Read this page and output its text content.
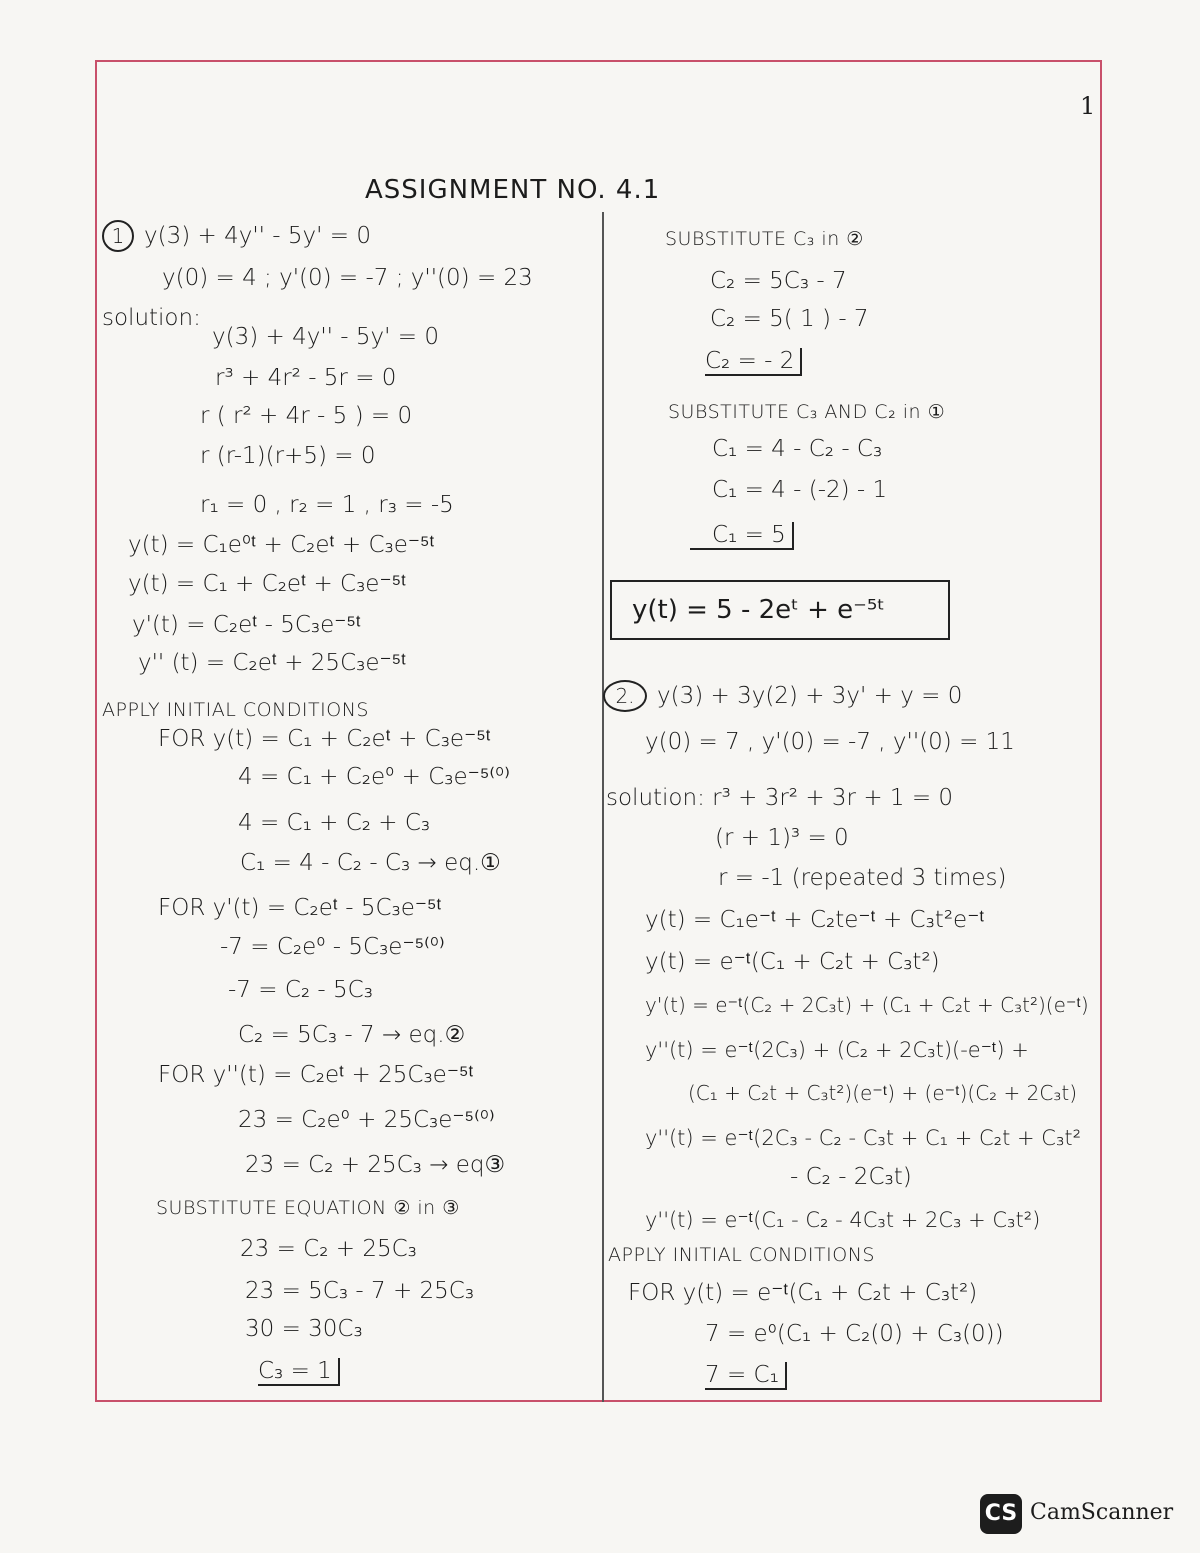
1
ASSIGNMENT NO. 4.1
1 y(3) + 4y'' - 5y' = 0
y(0) = 4 ; y'(0) = -7 ; y''(0) = 23
solution:
y(3) + 4y'' - 5y' = 0
r³ + 4r² - 5r = 0
r ( r² + 4r - 5 ) = 0
r (r-1)(r+5) = 0
r₁ = 0 , r₂ = 1 , r₃ = -5
y(t) = C₁e⁰ᵗ + C₂eᵗ + C₃e⁻⁵ᵗ
y(t) = C₁ + C₂eᵗ + C₃e⁻⁵ᵗ
y'(t) = C₂eᵗ - 5C₃e⁻⁵ᵗ
y'' (t) = C₂eᵗ + 25C₃e⁻⁵ᵗ
APPLY INITIAL CONDITIONS
FOR y(t) = C₁ + C₂eᵗ + C₃e⁻⁵ᵗ
4 = C₁ + C₂e⁰ + C₃e⁻⁵⁽⁰⁾
4 = C₁ + C₂ + C₃
C₁ = 4 - C₂ - C₃ → eq.①
FOR y'(t) = C₂eᵗ - 5C₃e⁻⁵ᵗ
-7 = C₂e⁰ - 5C₃e⁻⁵⁽⁰⁾
-7 = C₂ - 5C₃
C₂ = 5C₃ - 7 → eq.②
FOR y''(t) = C₂eᵗ + 25C₃e⁻⁵ᵗ
23 = C₂e⁰ + 25C₃e⁻⁵⁽⁰⁾
23 = C₂ + 25C₃ → eq③
SUBSTITUTE EQUATION ② in ③
23 = C₂ + 25C₃
23 = 5C₃ - 7 + 25C₃
30 = 30C₃
C₃ = 1
SUBSTITUTE C₃ in ②
C₂ = 5C₃ - 7
C₂ = 5( 1 ) - 7
C₂ = - 2
SUBSTITUTE C₃ AND C₂ in ①
C₁ = 4 - C₂ - C₃
C₁ = 4 - (-2) - 1
C₁ = 5
y(t) = 5 - 2eᵗ + e⁻⁵ᵗ
2. y(3) + 3y(2) + 3y' + y = 0
y(0) = 7 , y'(0) = -7 , y''(0) = 11
solution: r³ + 3r² + 3r + 1 = 0
(r + 1)³ = 0
r = -1 (repeated 3 times)
y(t) = C₁e⁻ᵗ + C₂te⁻ᵗ + C₃t²e⁻ᵗ
y(t) = e⁻ᵗ(C₁ + C₂t + C₃t²)
y'(t) = e⁻ᵗ(C₂ + 2C₃t) + (C₁ + C₂t + C₃t²)(e⁻ᵗ)
y''(t) = e⁻ᵗ(2C₃) + (C₂ + 2C₃t)(-e⁻ᵗ) +
(C₁ + C₂t + C₃t²)(e⁻ᵗ) + (e⁻ᵗ)(C₂ + 2C₃t)
y''(t) = e⁻ᵗ(2C₃ - C₂ - C₃t + C₁ + C₂t + C₃t²
- C₂ - 2C₃t)
y''(t) = e⁻ᵗ(C₁ - C₂ - 4C₃t + 2C₃ + C₃t²)
APPLY INITIAL CONDITIONS
FOR y(t) = e⁻ᵗ(C₁ + C₂t + C₃t²)
7 = e⁰(C₁ + C₂(0) + C₃(0))
7 = C₁
CS CamScanner
